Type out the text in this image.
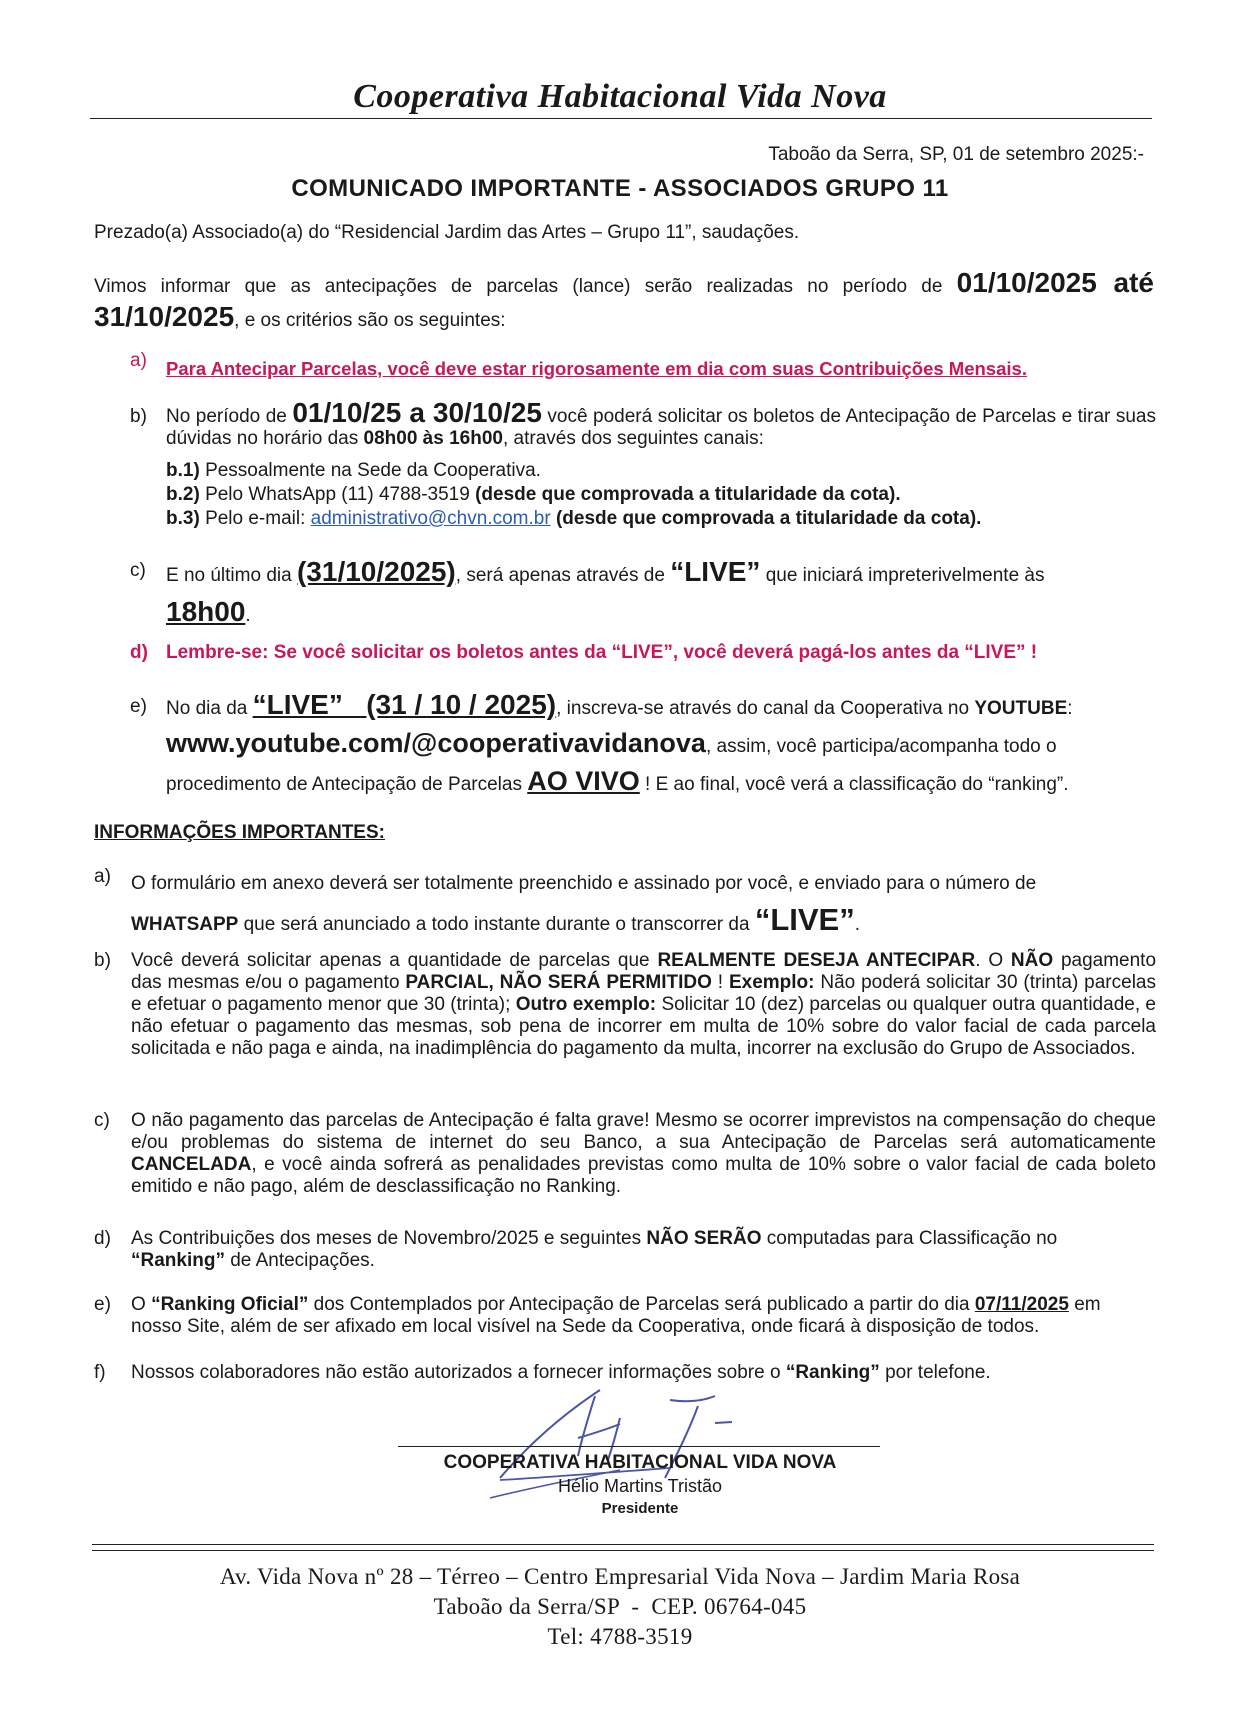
Cooperativa Habitacional Vida Nova
Taboão da Serra, SP, 01 de setembro 2025:-
COMUNICADO IMPORTANTE - ASSOCIADOS GRUPO 11
Prezado(a) Associado(a) do “Residencial Jardim das Artes – Grupo 11”, saudações.
Vimos informar que as antecipações de parcelas (lance) serão realizadas no período de 01/10/2025 até 31/10/2025, e os critérios são os seguintes:
a) Para Antecipar Parcelas, você deve estar rigorosamente em dia com suas Contribuições Mensais.
b) No período de 01/10/25 a 30/10/25 você poderá solicitar os boletos de Antecipação de Parcelas e tirar suas dúvidas no horário das 08h00 às 16h00, através dos seguintes canais:
b.1) Pessoalmente na Sede da Cooperativa.
b.2) Pelo WhatsApp (11) 4788-3519 (desde que comprovada a titularidade da cota).
b.3) Pelo e-mail: administrativo@chvn.com.br (desde que comprovada a titularidade da cota).
c) E no último dia (31/10/2025), será apenas através de “LIVE” que iniciará impreterivelmente às
18h00.
d) Lembre-se: Se você solicitar os boletos antes da “LIVE”, você deverá pagá-los antes da “LIVE” !
e) No dia da “LIVE”   (31 / 10 / 2025), inscreva-se através do canal da Cooperativa no YOUTUBE:
www.youtube.com/@cooperativavidanova, assim, você participa/acompanha todo o
procedimento de Antecipação de Parcelas AO VIVO ! E ao final, você verá a classificação do “ranking”.
INFORMAÇÕES IMPORTANTES:
a) O formulário em anexo deverá ser totalmente preenchido e assinado por você, e enviado para o número de
WHATSAPP que será anunciado a todo instante durante o transcorrer da “LIVE”.
b) Você deverá solicitar apenas a quantidade de parcelas que REALMENTE DESEJA ANTECIPAR. O NÃO pagamento das mesmas e/ou o pagamento PARCIAL, NÃO SERÁ PERMITIDO ! Exemplo: Não poderá solicitar 30 (trinta) parcelas e efetuar o pagamento menor que 30 (trinta); Outro exemplo: Solicitar 10 (dez) parcelas ou qualquer outra quantidade, e não efetuar o pagamento das mesmas, sob pena de incorrer em multa de 10% sobre do valor facial de cada parcela solicitada e não paga e ainda, na inadimplência do pagamento da multa, incorrer na exclusão do Grupo de Associados.
c) O não pagamento das parcelas de Antecipação é falta grave! Mesmo se ocorrer imprevistos na compensação do cheque e/ou problemas do sistema de internet do seu Banco, a sua Antecipação de Parcelas será automaticamente CANCELADA, e você ainda sofrerá as penalidades previstas como multa de 10% sobre o valor facial de cada boleto emitido e não pago, além de desclassificação no Ranking.
d) As Contribuições dos meses de Novembro/2025 e seguintes NÃO SERÃO computadas para Classificação no “Ranking” de Antecipações.
e) O “Ranking Oficial” dos Contemplados por Antecipação de Parcelas será publicado a partir do dia 07/11/2025 em nosso Site, além de ser afixado em local visível na Sede da Cooperativa, onde ficará à disposição de todos.
f) Nossos colaboradores não estão autorizados a fornecer informações sobre o “Ranking” por telefone.
COOPERATIVA HABITACIONAL VIDA NOVA
Hélio Martins Tristão
Presidente
Av. Vida Nova nº 28 – Térreo – Centro Empresarial Vida Nova – Jardim Maria Rosa
Taboão da Serra/SP  -  CEP. 06764-045
Tel: 4788-3519
